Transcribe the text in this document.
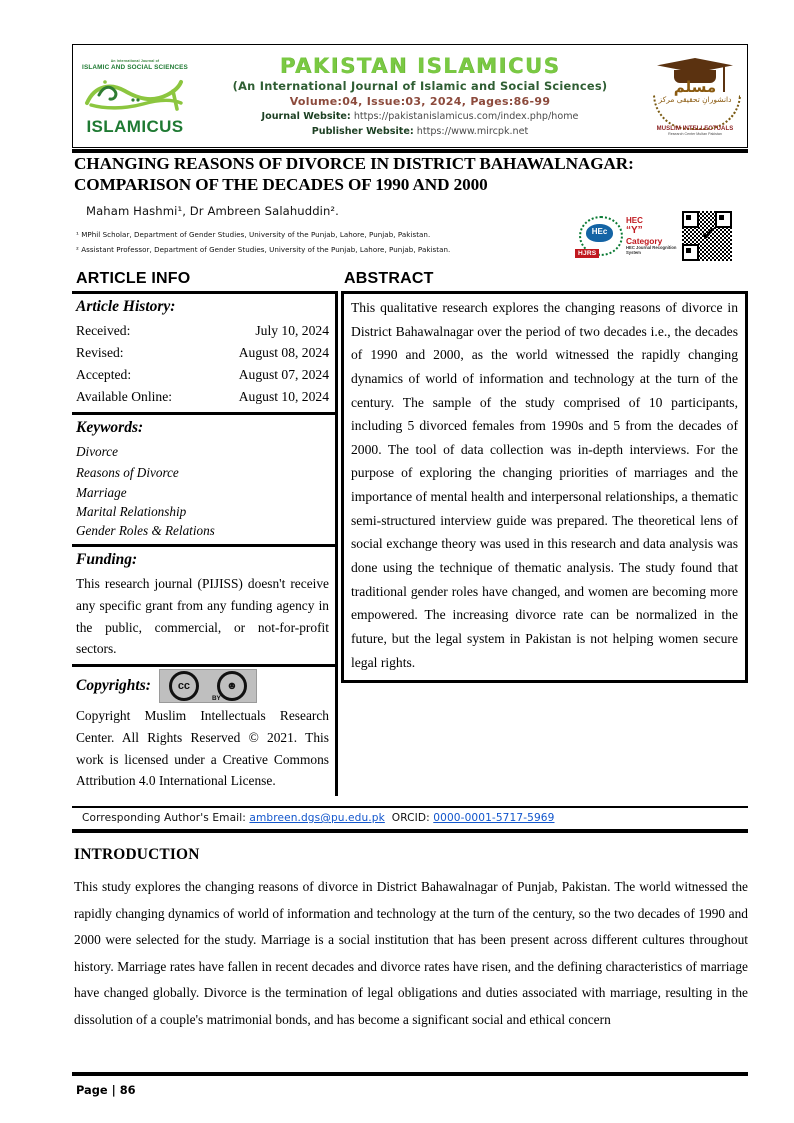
An International Journal of
ISLAMIC AND SOCIAL SCIENCES
ISLAMICUS
PAKISTAN ISLAMICUS
(An International Journal of Islamic and Social Sciences)
Volume:04, Issue:03, 2024, Pages:86-99
Journal Website: https://pakistanislamicus.com/index.php/home
Publisher Website: https://www.mircpk.net
مسلم
دانشورانِ تحقیقی مرکز
MUSLIM INTELLECTUALS
Research Center Multan Pakistan
CHANGING REASONS OF DIVORCE IN DISTRICT BAHAWALNAGAR: COMPARISON OF THE DECADES OF 1990 AND 2000
Maham Hashmi¹, Dr Ambreen Salahuddin².
¹ MPhil Scholar, Department of Gender Studies, University of the Punjab, Lahore, Punjab, Pakistan.
² Assistant Professor, Department of Gender Studies, University of the Punjab, Lahore, Punjab, Pakistan.
HEc
HJRS
HEC
“Y”
Category
HEC Journal Recognition System
✔
ARTICLE INFO	ABSTRACT
Article History:
Received:	July 10, 2024
Revised:	August 08, 2024
Accepted:	August 07, 2024
Available Online:	August 10, 2024
Keywords:
Divorce
Reasons of Divorce
Marriage
Marital Relationship
Gender Roles & Relations
Funding:
This research journal (PIJISS) doesn't receive any specific grant from any funding agency in the public, commercial, or not-for-profit sectors.
Copyrights:	cc	☻
BY
Copyright Muslim Intellectuals Research Center. All Rights Reserved © 2021. This work is licensed under a Creative Commons Attribution 4.0 International License.

This qualitative research explores the changing reasons of divorce in District Bahawalnagar over the period of two decades i.e., the decades of 1990 and 2000, as the world witnessed the rapidly changing dynamics of world of information and technology at the turn of the century. The sample of the study comprised of 10 participants, including 5 divorced females from 1990s and 5 from the decades of 2000. The tool of data collection was in-depth interviews. For the purpose of exploring the changing priorities of marriages and the importance of mental health and interpersonal relationships, a thematic semi-structured interview guide was prepared. The theoretical lens of social exchange theory was used in this research and data analysis was done using the technique of thematic analysis. The study found that traditional gender roles have changed, and women are becoming more empowered. The increasing divorce rate can be normalized in the future, but the legal system in Pakistan is not helping women secure legal rights.

Corresponding Author's Email: ambreen.dgs@pu.edu.pk ORCID: 0000-0001-5717-5969
INTRODUCTION
This study explores the changing reasons of divorce in District Bahawalnagar of Punjab, Pakistan. The world witnessed the rapidly changing dynamics of world of information and technology at the turn of the century, so the two decades of 1990 and 2000 were selected for the study. Marriage is a social institution that has been present across different cultures throughout history. Marriage rates have fallen in recent decades and divorce rates have risen, and the defining characteristics of marriage have changed globally. Divorce is the termination of legal obligations and duties associated with marriage, resulting in the dissolution of a couple's matrimonial bonds, and has become a significant social and ethical concern
Page | 86
